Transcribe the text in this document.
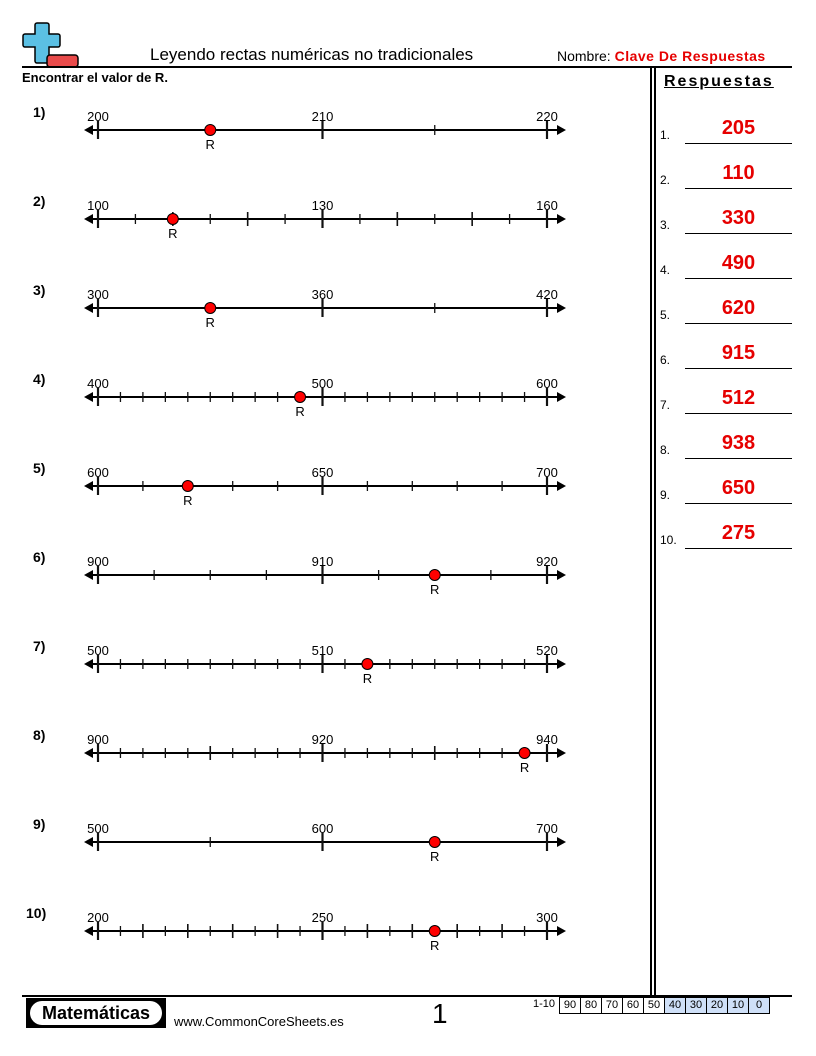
Leyendo rectas numéricas no tradicionales	Nombre: Clave De Respuestas
Encontrar el valor de R.	Respuestas
1.	205
2.	110
3.	330
4.	490
5.	620
6.	915
7.	512
8.	938
9.	650
10.	275
1)	200	210	220
R
2)	100	130	160
R
3)	300	360	420
R
4)	400	500	600
R
5)	600	650	700
R
6)	900	910	920
R
7)	500	510	520
R
8)	900	920	940
R
9)	500	600	700
R
10)	200	250	300
R
Matemáticas	www.CommonCoreSheets.es	1	1-10 90 80 70 60 50 40 30 20 10	0
